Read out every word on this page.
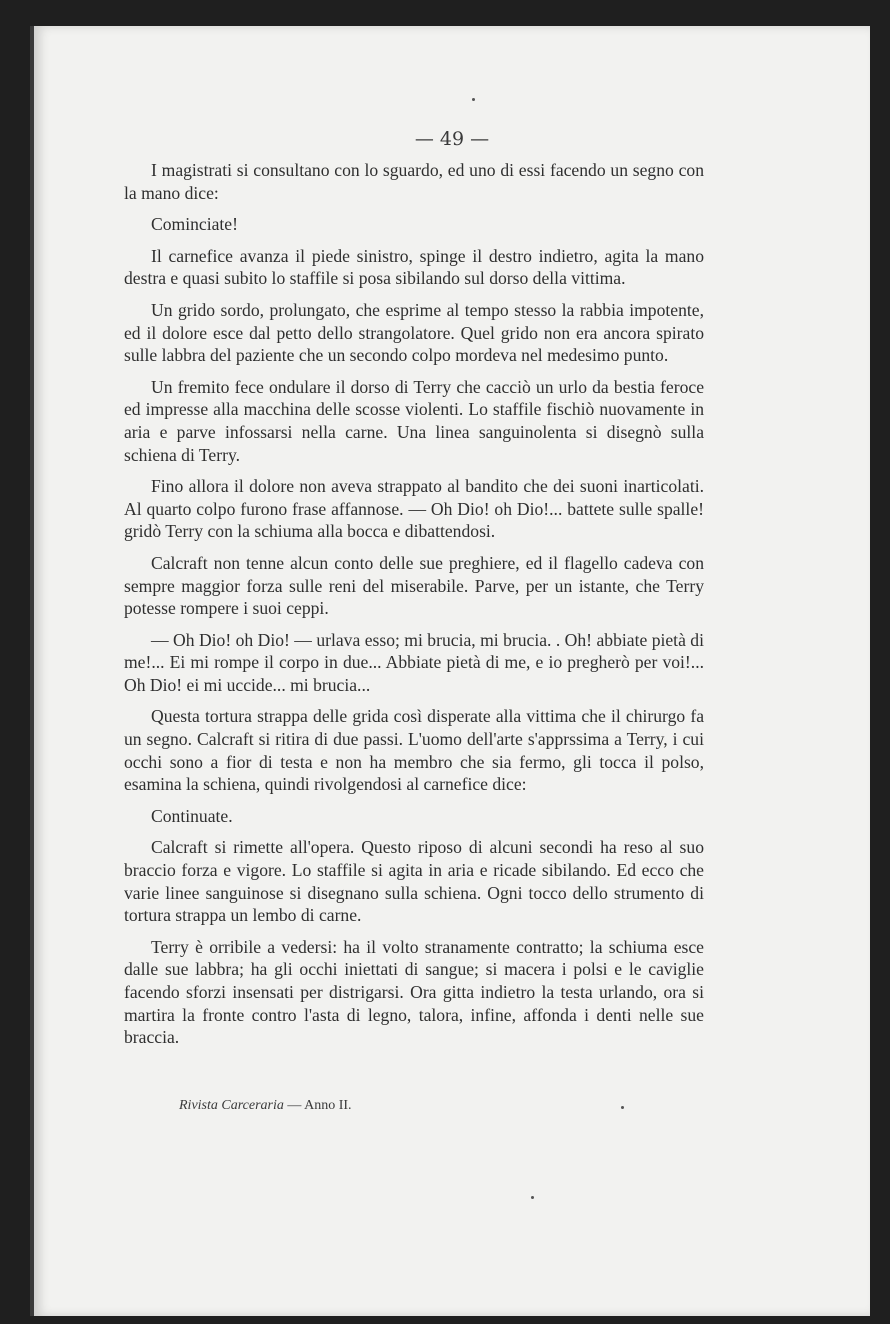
— 49 —

I magistrati si consultano con lo sguardo, ed uno di essi facendo un segno con la mano dice:

Cominciate!

Il carnefice avanza il piede sinistro, spinge il destro indietro, agita la mano destra e quasi subito lo staffile si posa sibilando sul dorso della vittima.

Un grido sordo, prolungato, che esprime al tempo stesso la rabbia impotente, ed il dolore esce dal petto dello strangolatore. Quel grido non era ancora spirato sulle labbra del paziente che un secondo colpo mordeva nel medesimo punto.

Un fremito fece ondulare il dorso di Terry che cacciò un urlo da bestia feroce ed impresse alla macchina delle scosse violenti. Lo staffile fischiò nuovamente in aria e parve infossarsi nella carne. Una linea sanguinolenta si disegnò sulla schiena di Terry.

Fino allora il dolore non aveva strappato al bandito che dei suoni inarticolati. Al quarto colpo furono frase affannose. — Oh Dio! oh Dio!... battete sulle spalle! gridò Terry con la schiuma alla bocca e dibattendosi.

Calcraft non tenne alcun conto delle sue preghiere, ed il flagello cadeva con sempre maggior forza sulle reni del miserabile. Parve, per un istante, che Terry potesse rompere i suoi ceppi.

— Oh Dio! oh Dio! — urlava esso; mi brucia, mi brucia. . Oh! abbiate pietà di me!... Ei mi rompe il corpo in due... Abbiate pietà di me, e io pregherò per voi!... Oh Dio! ei mi uccide... mi brucia...

Questa tortura strappa delle grida così disperate alla vittima che il chirurgo fa un segno. Calcraft si ritira di due passi. L'uomo dell'arte s'apprssima a Terry, i cui occhi sono a fior di testa e non ha membro che sia fermo, gli tocca il polso, esamina la schiena, quindi rivolgendosi al carnefice dice:

Continuate.

Calcraft si rimette all'opera. Questo riposo di alcuni secondi ha reso al suo braccio forza e vigore. Lo staffile si agita in aria e ricade sibilando. Ed ecco che varie linee sanguinose si disegnano sulla schiena. Ogni tocco dello strumento di tortura strappa un lembo di carne.

Terry è orribile a vedersi: ha il volto stranamente contratto; la schiuma esce dalle sue labbra; ha gli occhi iniettati di sangue; si macera i polsi e le caviglie facendo sforzi insensati per distrigarsi. Ora gitta indietro la testa urlando, ora si martira la fronte contro l'asta di legno, talora, infine, affonda i denti nelle sue braccia.

Rivista Carceraria — Anno II.
